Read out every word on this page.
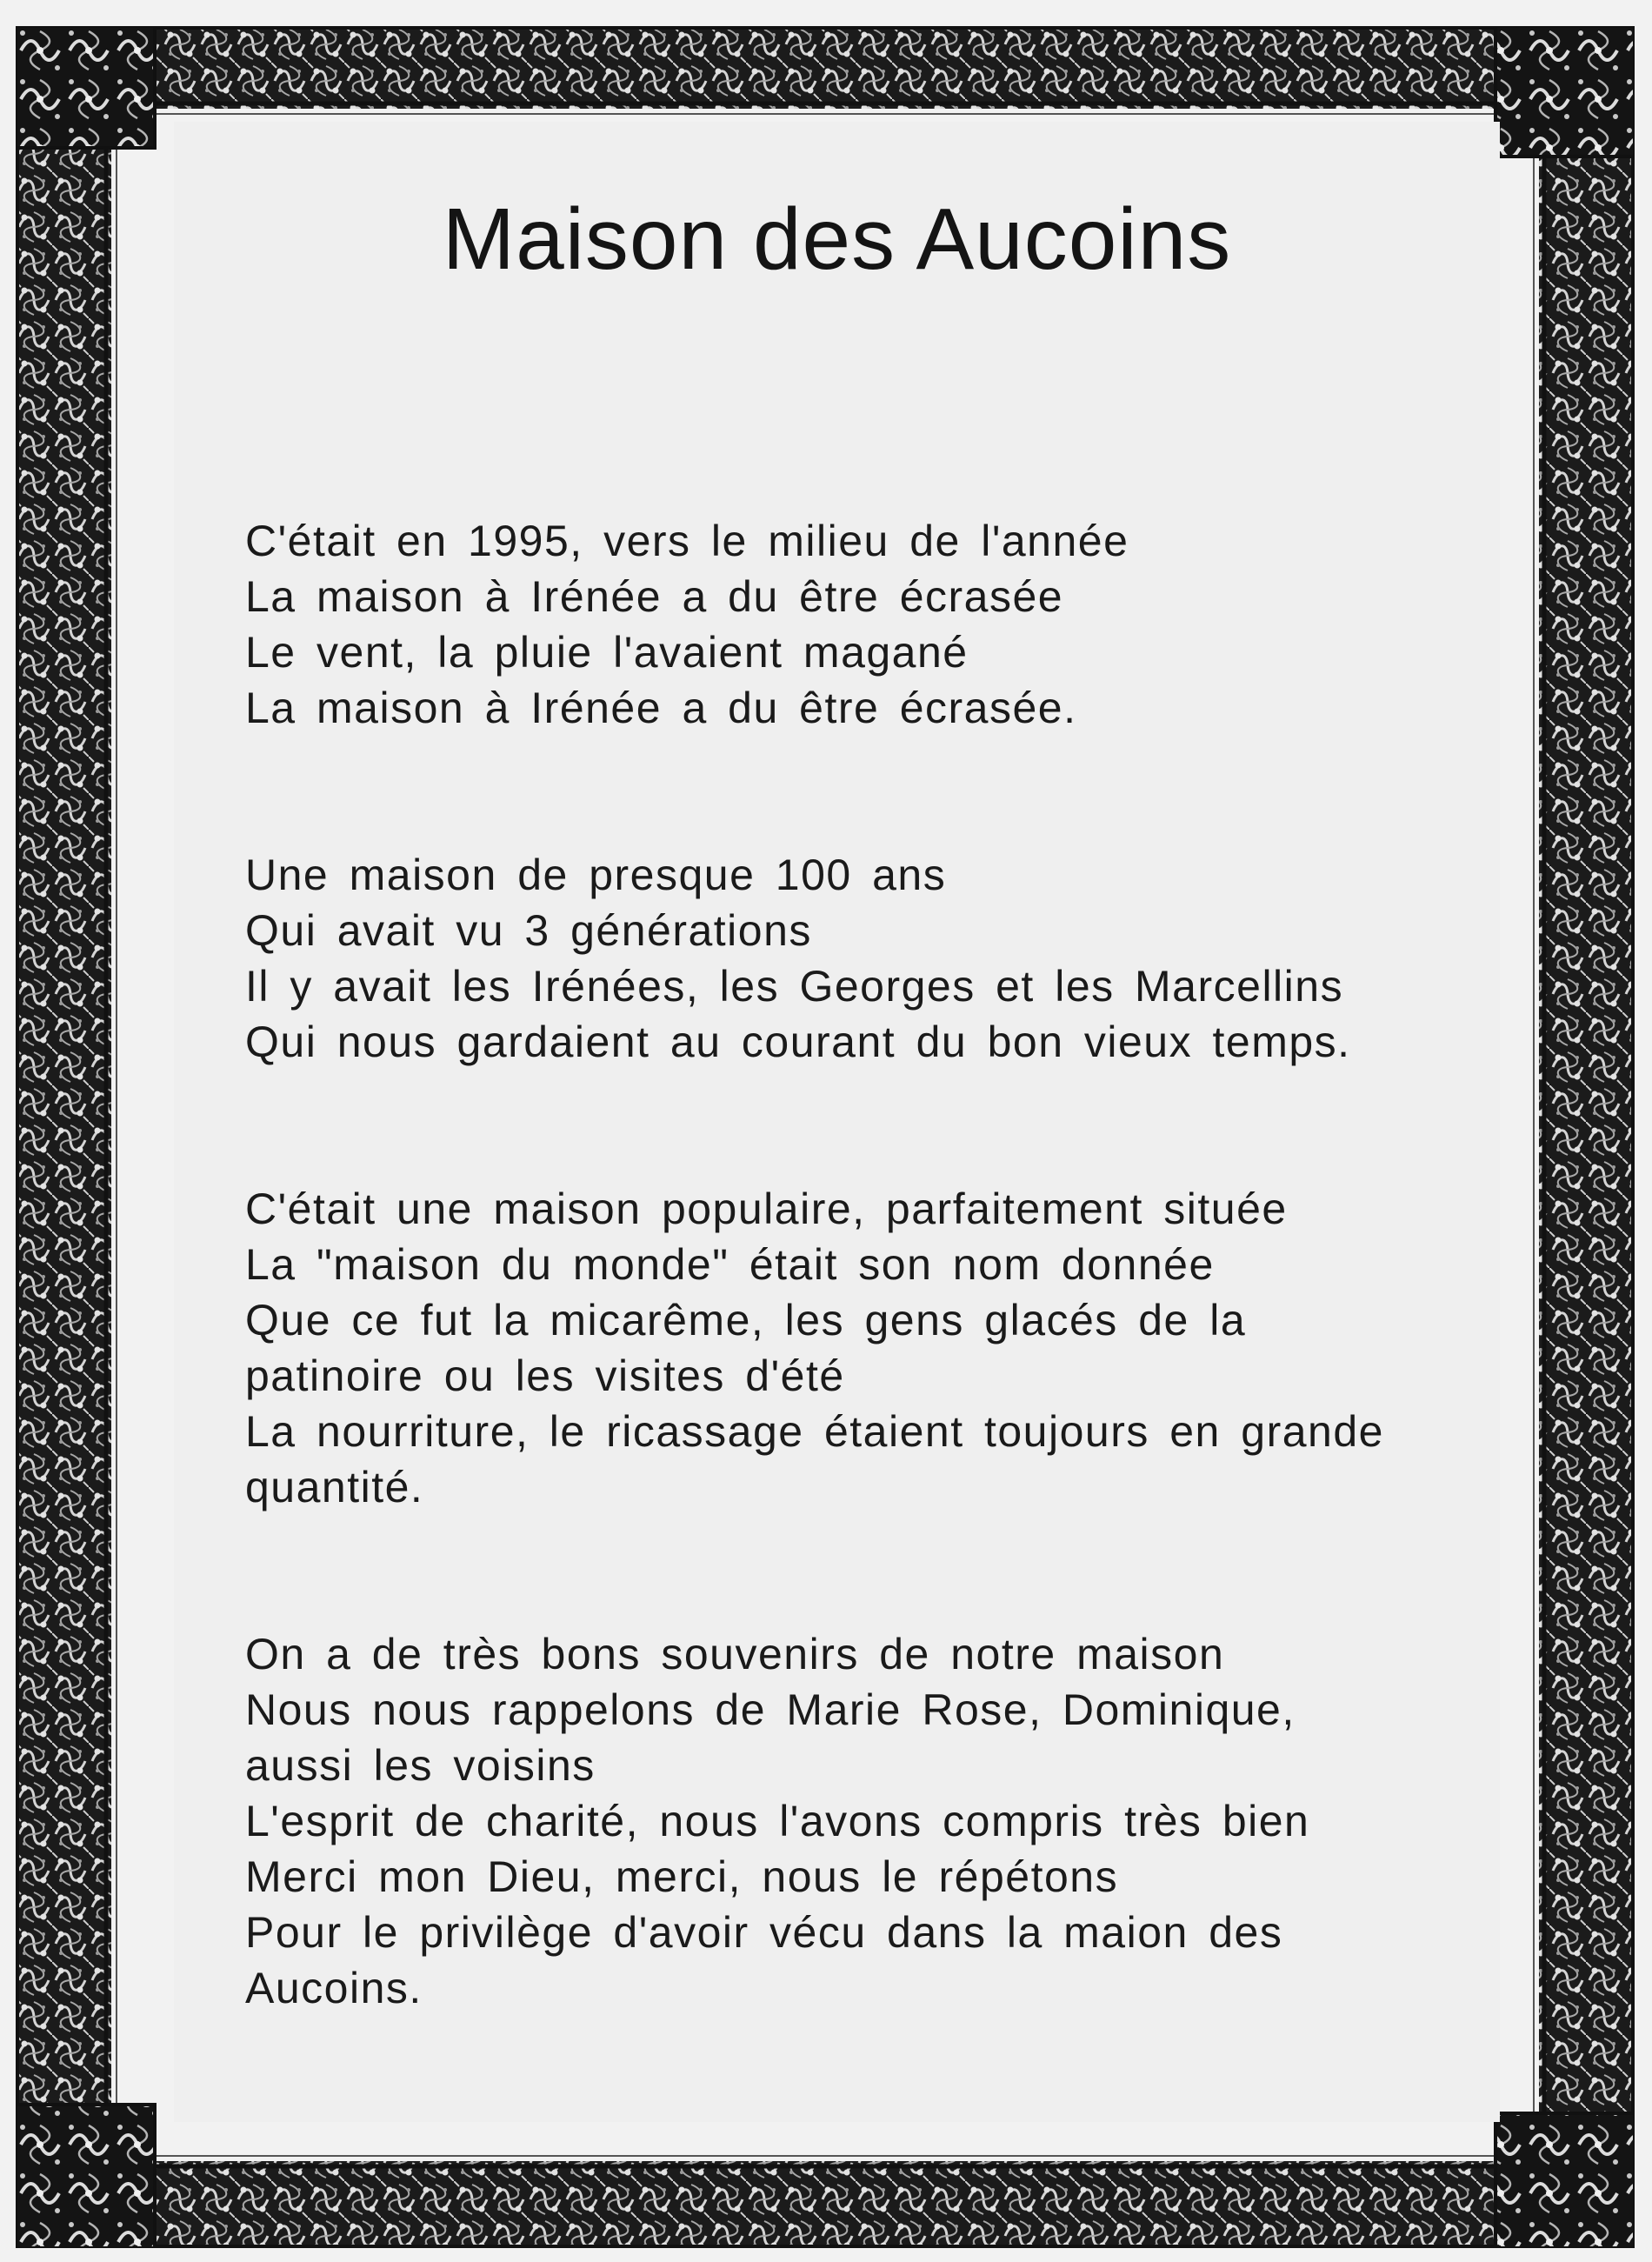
Maison des Aucoins
C'était en 1995, vers le milieu de l'année
La maison à Irénée a du être écrasée
Le vent, la pluie l'avaient magané
La maison à Irénée a du être écrasée.
Une maison de presque 100 ans
Qui avait vu 3 générations
Il y avait les Irénées, les Georges et les Marcellins
Qui nous gardaient au courant du bon vieux temps.
C'était une maison populaire, parfaitement située
La "maison du monde" était son nom donnée
Que ce fut la micarême, les gens glacés de la
patinoire ou les visites d'été
La nourriture, le ricassage étaient toujours en grande
quantité.
On a de très bons souvenirs de notre maison
Nous nous rappelons de Marie Rose, Dominique,
aussi les voisins
L'esprit de charité, nous l'avons compris très bien
Merci mon Dieu, merci, nous le répétons
Pour le privilège d'avoir vécu dans la maion des
Aucoins.
